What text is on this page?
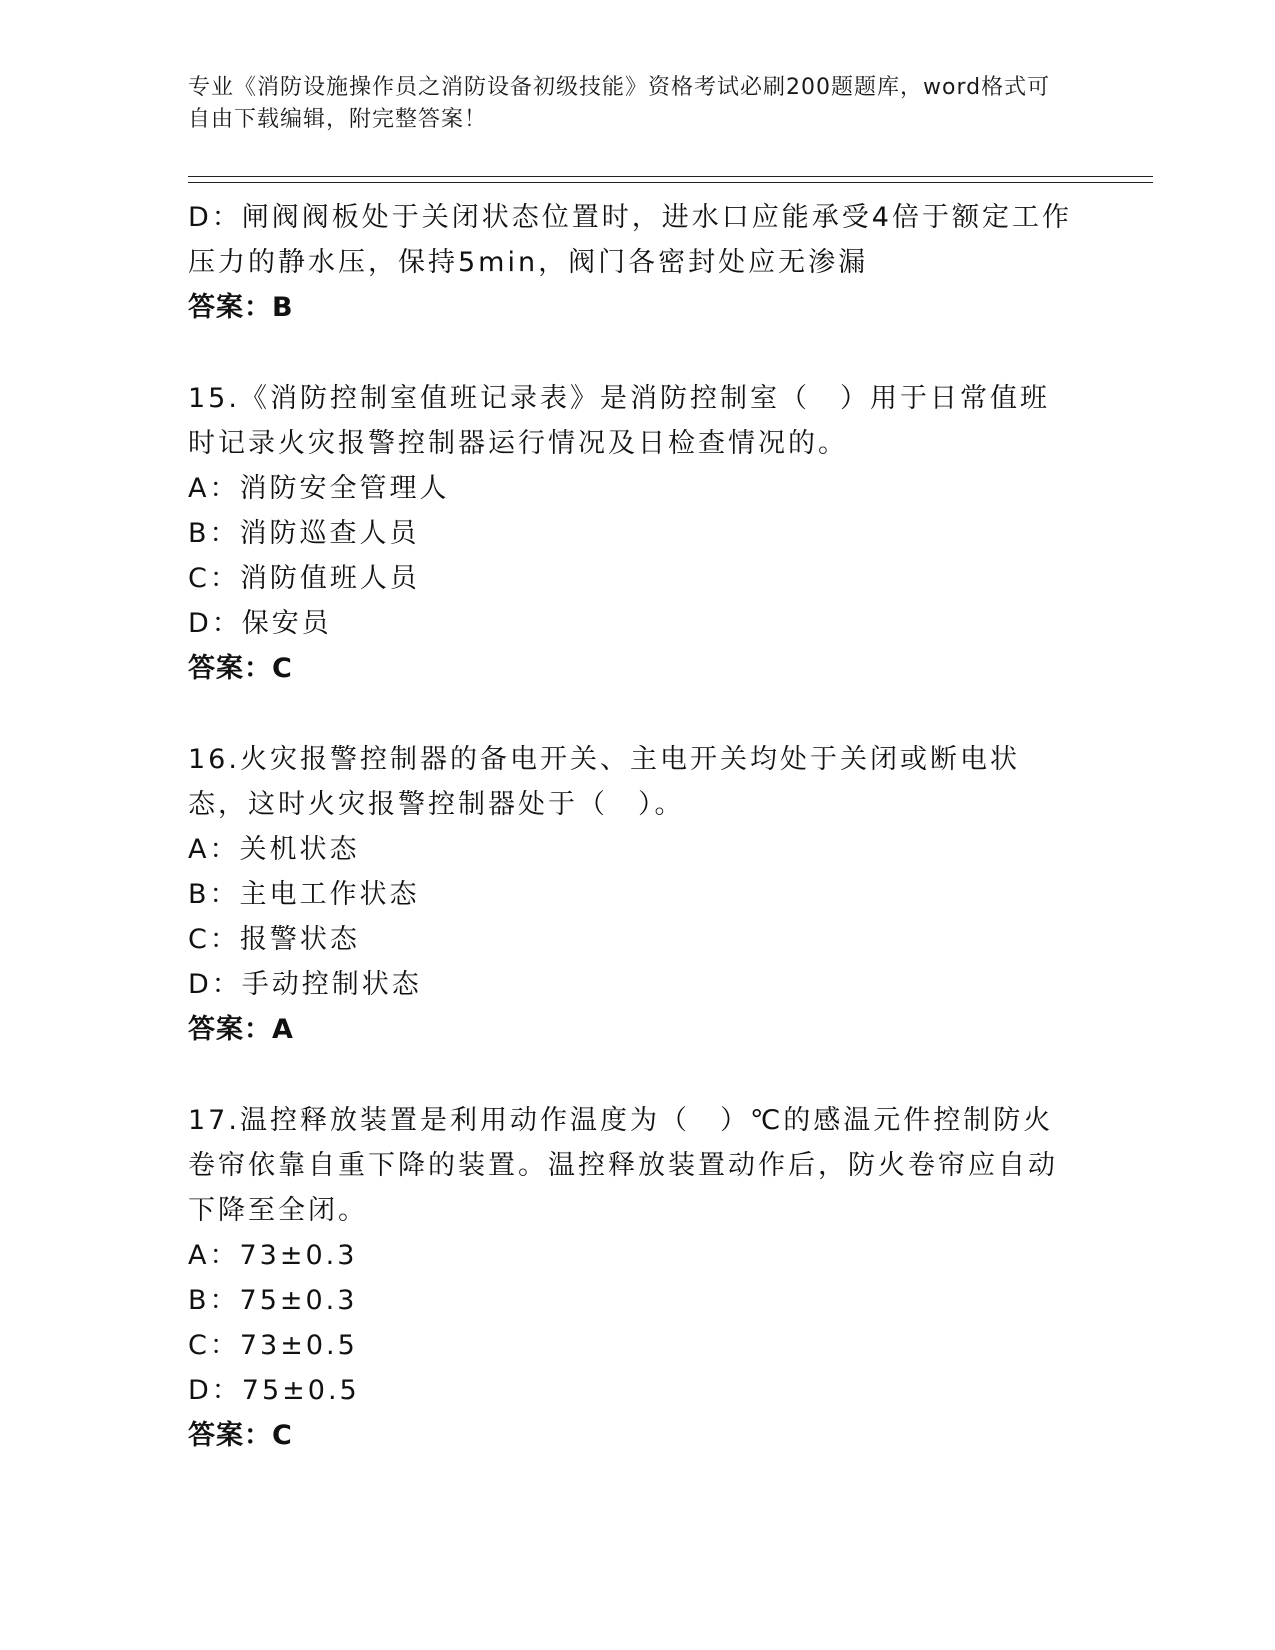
专业《消防设施操作员之消防设备初级技能》资格考试必刷200题题库，word格式可自由下载编辑，附完整答案！
D：闸阀阀板处于关闭状态位置时，进水口应能承受4倍于额定工作压力的静水压，保持5min，阀门各密封处应无渗漏
答案：B
15.《消防控制室值班记录表》是消防控制室（　）用于日常值班时记录火灾报警控制器运行情况及日检查情况的。
A：消防安全管理人
B：消防巡查人员
C：消防值班人员
D：保安员
答案：C
16.火灾报警控制器的备电开关、主电开关均处于关闭或断电状态，这时火灾报警控制器处于（　）。
A：关机状态
B：主电工作状态
C：报警状态
D：手动控制状态
答案：A
17.温控释放装置是利用动作温度为（　）℃的感温元件控制防火卷帘依靠自重下降的装置。温控释放装置动作后，防火卷帘应自动下降至全闭。
A：73±0.3
B：75±0.3
C：73±0.5
D：75±0.5
答案：C
